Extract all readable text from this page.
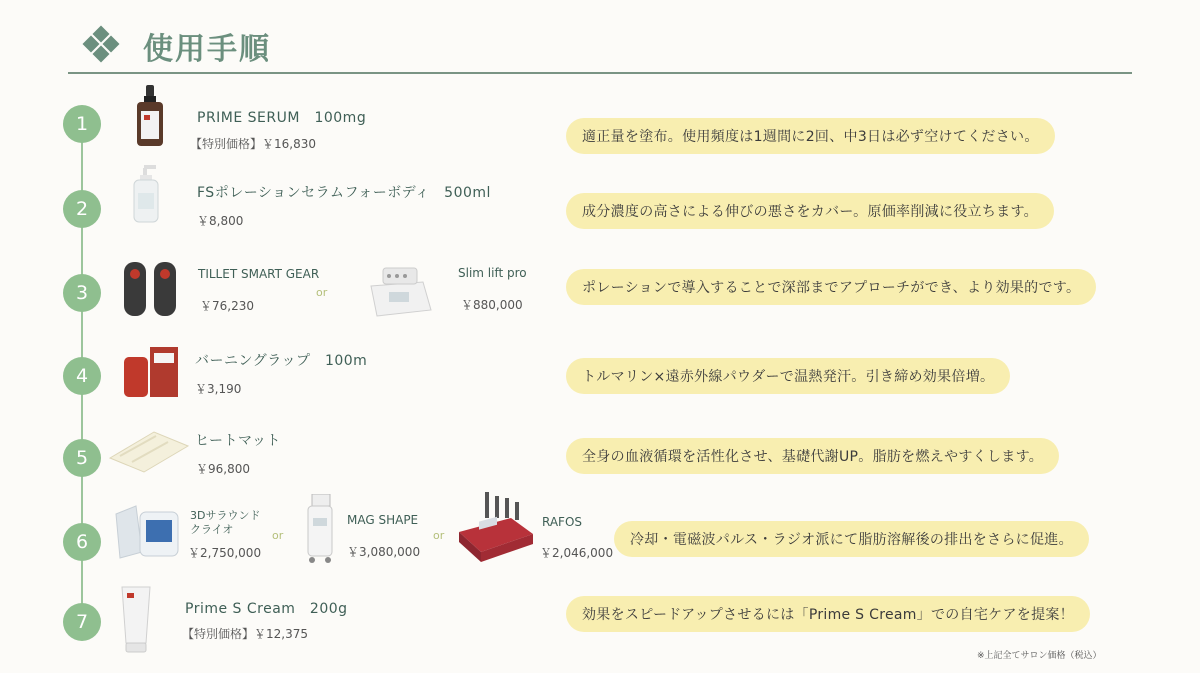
使用手順
1	PRIME SERUM　100mg
【特別価格】￥16,830	適正量を塗布。使用頻度は1週間に2回、中3日は必ず空けてください。
2
FSポレーションセラムフォーボディ　500ml
￥8,800
成分濃度の高さによる伸びの悪さをカバー。原価率削減に役立ちます。
3
TILLET SMART GEAR
￥76,230
or
Slim lift pro
￥880,000
ポレーションで導入することで深部までアプローチができ、より効果的です。
4
バーニングラップ　100m
￥3,190
トルマリン×遠赤外線パウダーで温熱発汗。引き締め効果倍増。
5
ヒートマット
￥96,800
全身の血液循環を活性化させ、基礎代謝UP。脂肪を燃えやすくします。
6
3Dサラウンド
クライオ
￥2,750,000
or
MAG SHAPE
￥3,080,000
or
RAFOS
￥2,046,000
冷却・電磁波パルス・ラジオ派にて脂肪溶解後の排出をさらに促進。
7
Prime S Cream　200g
【特別価格】￥12,375
効果をスピードアップさせるには「Prime S Cream」での自宅ケアを提案！
※上記全てサロン価格（税込）
